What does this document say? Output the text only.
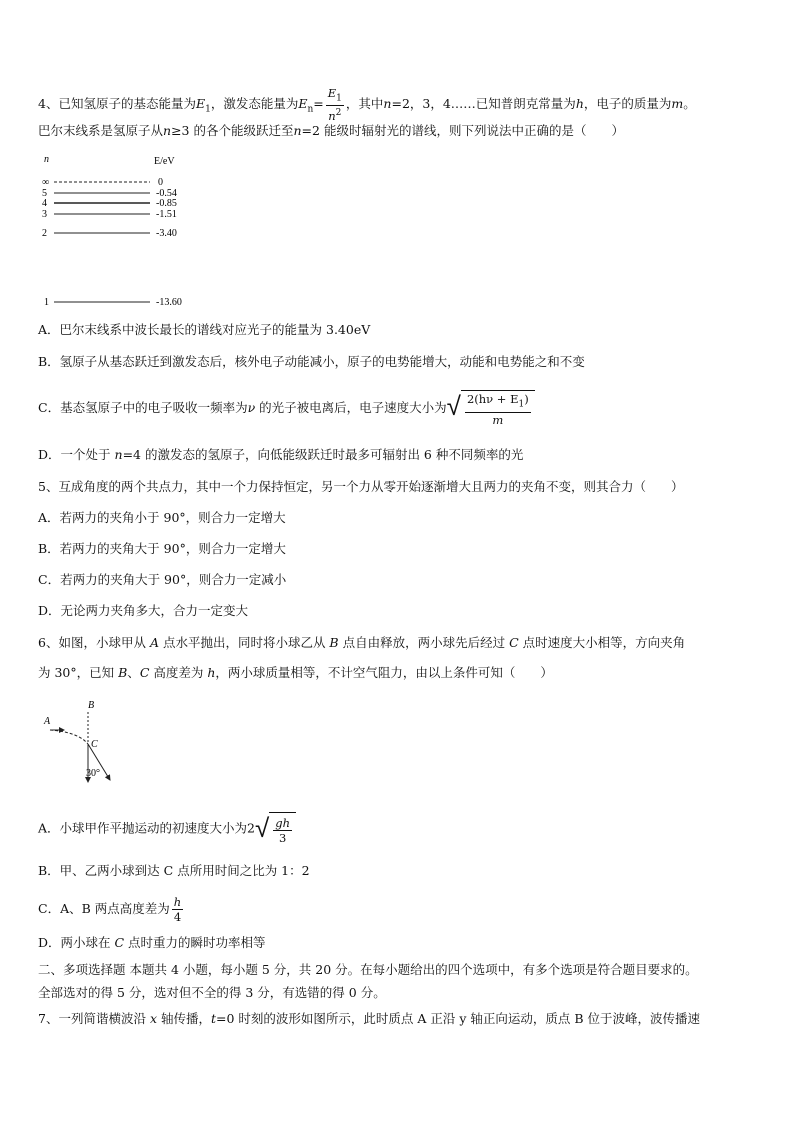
4、已知氢原子的基态能量为$E_1$，激发态能量为$E_n= \frac{E_1}{n^2}$ ，其中n=2，3，4……已知普朗克常量为h，电子的质量为m。
巴尔末线系是氢原子从n≥3 的各个能级跃迁至n=2 能级时辐射光的谱线，则下列说法中正确的是（　　）
n	E/eV
∞
5
4
3
2
1
0
-0.54
-0.85
-1.51
-3.40
-13.60
A．巴尔末线系中波长最长的谱线对应光子的能量为 3.40eV
B．氢原子从基态跃迁到激发态后，核外电子动能减小，原子的电势能增大，动能和电势能之和不变
C．基态氢原子中的电子吸收一频率为ν 的光子被电离后，电子速度大小为 √ $\frac{2(h\nu + E_1)}{m}$
D．一个处于 n=4 的激发态的氢原子，向低能级跃迁时最多可辐射出 6 种不同频率的光
5、互成角度的两个共点力，其中一个力保持恒定，另一个力从零开始逐渐增大且两力的夹角不变，则其合力（　　）
A．若两力的夹角小于 90°，则合力一定增大
B．若两力的夹角大于 90°，则合力一定增大
C．若两力的夹角大于 90°，则合力一定减小
D．无论两力夹角多大，合力一定变大
6、如图，小球甲从 A 点水平抛出，同时将小球乙从 B 点自由释放，两小球先后经过 C 点时速度大小相等，方向夹角
为 30°，已知 B、C 高度差为 h，两小球质量相等，不计空气阻力，由以上条件可知（　　）
A
B
C
30°
A．小球甲作平抛运动的初速度大小为2 √ $\frac{gh}{3}$
B．甲、乙两小球到达 C 点所用时间之比为 1：2
C．A、B 两点高度差为 $\frac{h}{4}$
D．两小球在 C 点时重力的瞬时功率相等
二、多项选择题 本题共 4 小题，每小题 5 分，共 20 分。在每小题给出的四个选项中，有多个选项是符合题目要求的。
全部选对的得 5 分，选对但不全的得 3 分，有选错的得 0 分。
7、一列简谐横波沿 x 轴传播，t=0 时刻的波形如图所示，此时质点 A 正沿 y 轴正向运动，质点 B 位于波峰，波传播速
